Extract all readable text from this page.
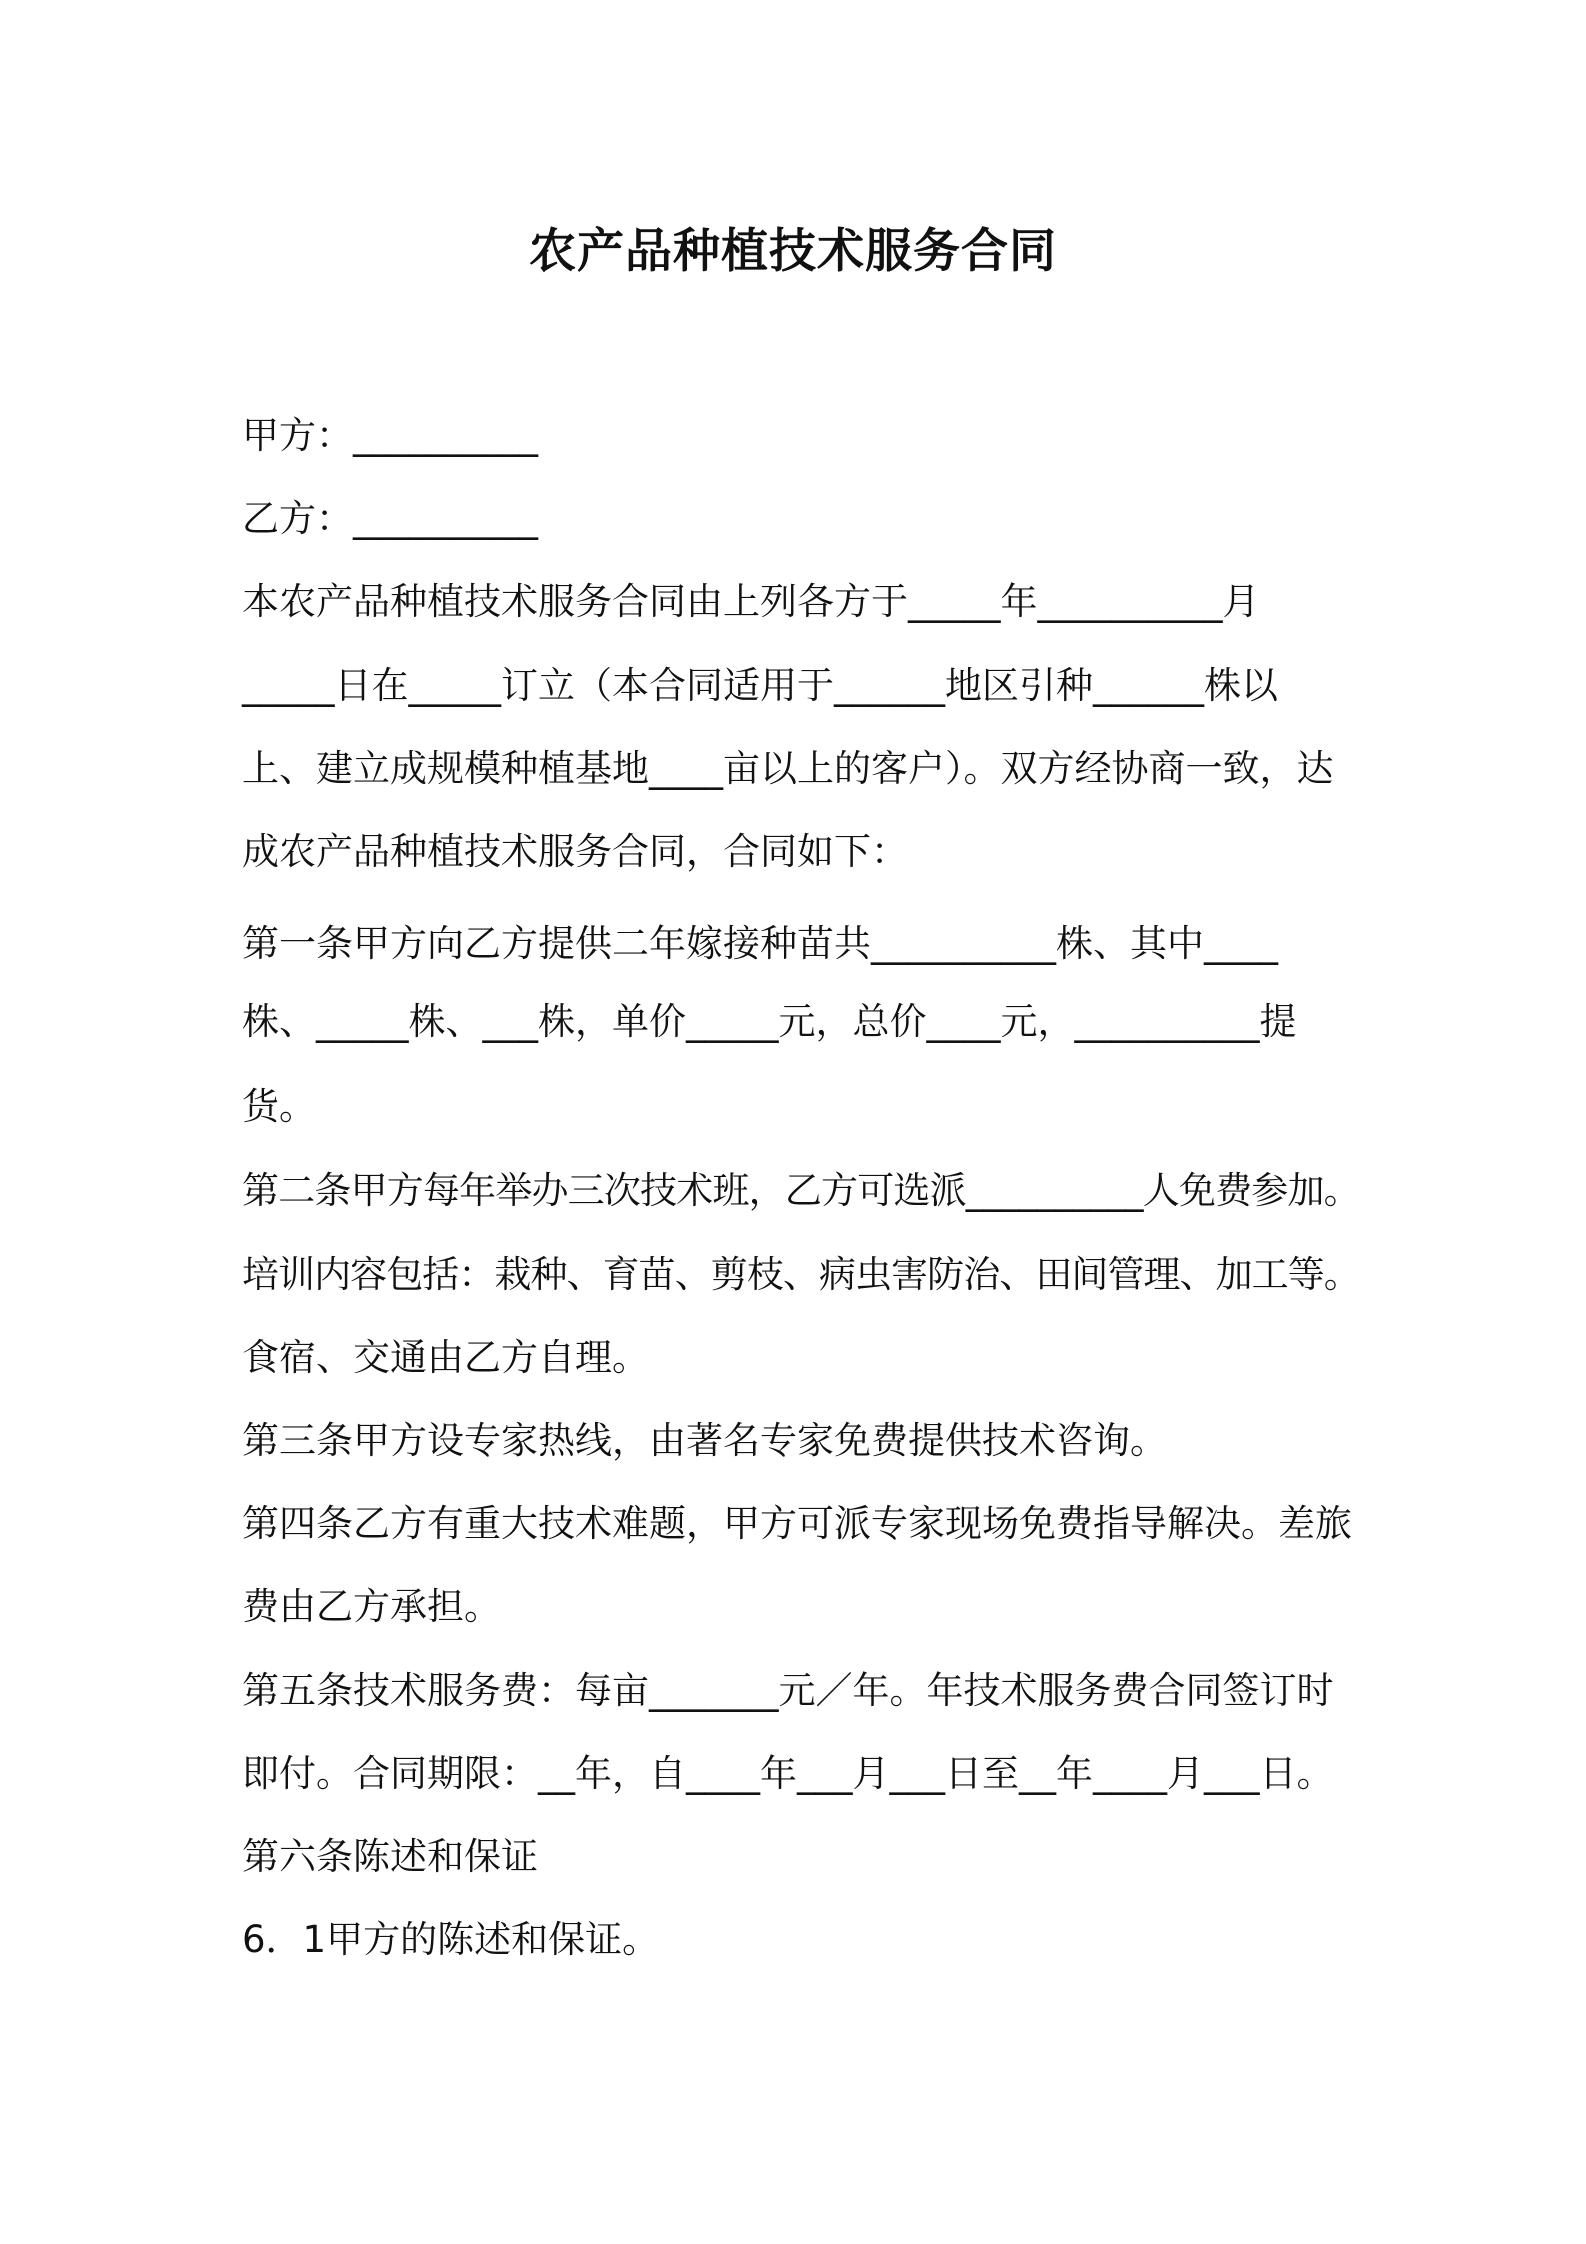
农产品种植技术服务合同
甲方：__________
乙方：__________
本农产品种植技术服务合同由上列各方于_____年__________月
_____日在_____订立（本合同适用于______地区引种______株以
上、建立成规模种植基地____亩以上的客户）。双方经协商一致，达
成农产品种植技术服务合同，合同如下：
第一条甲方向乙方提供二年嫁接种苗共__________株、其中____
株、_____株、___株，单价_____元，总价____元，__________提
货。
第二条甲方每年举办三次技术班，乙方可选派__________人免费参加。
培训内容包括：栽种、育苗、剪枝、病虫害防治、田间管理、加工等。
食宿、交通由乙方自理。
第三条甲方设专家热线，由著名专家免费提供技术咨询。
第四条乙方有重大技术难题，甲方可派专家现场免费指导解决。差旅
费由乙方承担。
第五条技术服务费：每亩_______元／年。年技术服务费合同签订时
即付。合同期限：__年，自____年___月___日至__年____月___日。
第六条陈述和保证
6．1甲方的陈述和保证。
